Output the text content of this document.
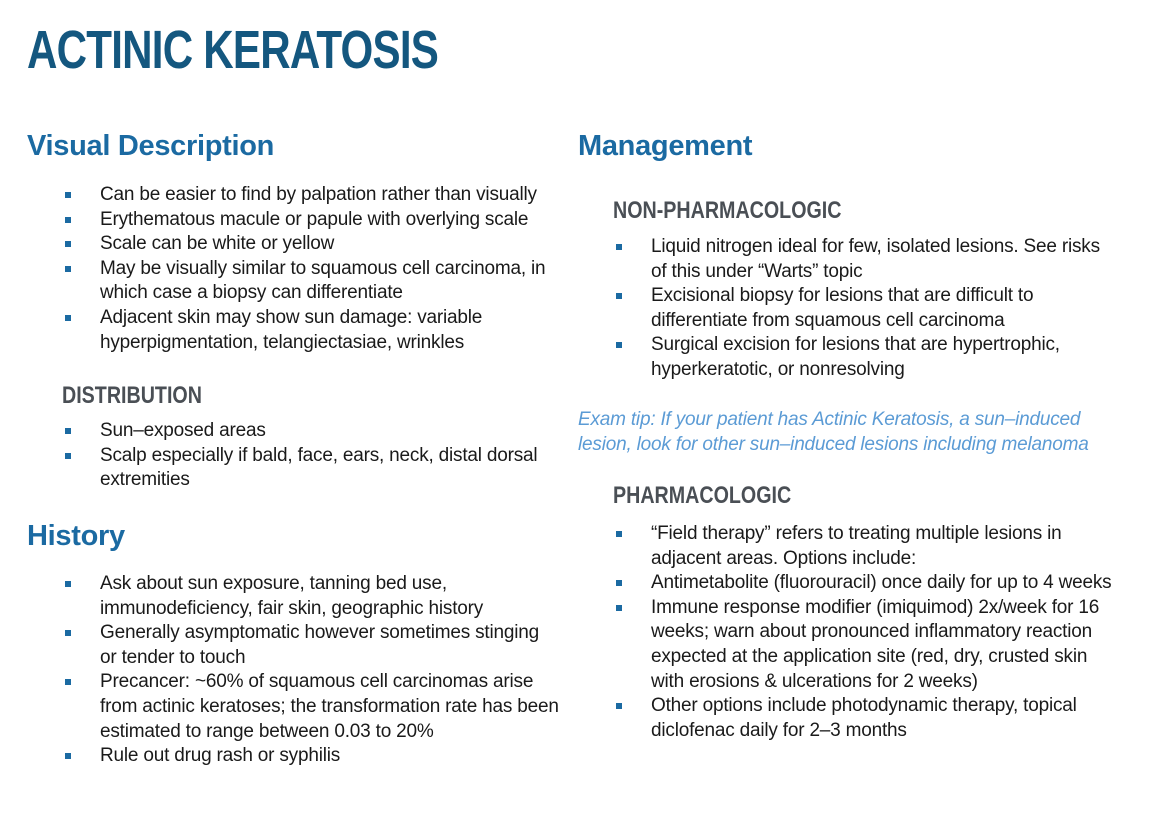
ACTINIC KERATOSIS
Visual Description
Can be easier to find by palpation rather than visually
Erythematous macule or papule with overlying scale
Scale can be white or yellow
May be visually similar to squamous cell carcinoma, in which case a biopsy can differentiate
Adjacent skin may show sun damage: variable hyperpigmentation, telangiectasiae, wrinkles
DISTRIBUTION
Sun–exposed areas
Scalp especially if bald, face, ears, neck, distal dorsal extremities
History
Ask about sun exposure, tanning bed use, immunodeficiency, fair skin, geographic history
Generally asymptomatic however sometimes stinging or tender to touch
Precancer: ~60% of squamous cell carcinomas arise from actinic keratoses; the transformation rate has been estimated to range between 0.03 to 20%
Rule out drug rash or syphilis
Management
NON-PHARMACOLOGIC
Liquid nitrogen ideal for few, isolated lesions. See risks of this under “Warts” topic
Excisional biopsy for lesions that are difficult to differentiate from squamous cell carcinoma
Surgical excision for lesions that are hypertrophic, hyperkeratotic, or nonresolving

Exam tip: If your patient has Actinic Keratosis, a sun–induced lesion, look for other sun–induced lesions including melanoma

PHARMACOLOGIC
“Field therapy” refers to treating multiple lesions in adjacent areas. Options include:
Antimetabolite (fluorouracil) once daily for up to 4 weeks
Immune response modifier (imiquimod) 2x/week for 16 weeks; warn about pronounced inflammatory reaction expected at the application site (red, dry, crusted skin with erosions & ulcerations for 2 weeks)
Other options include photodynamic therapy, topical diclofenac daily for 2–3 months
